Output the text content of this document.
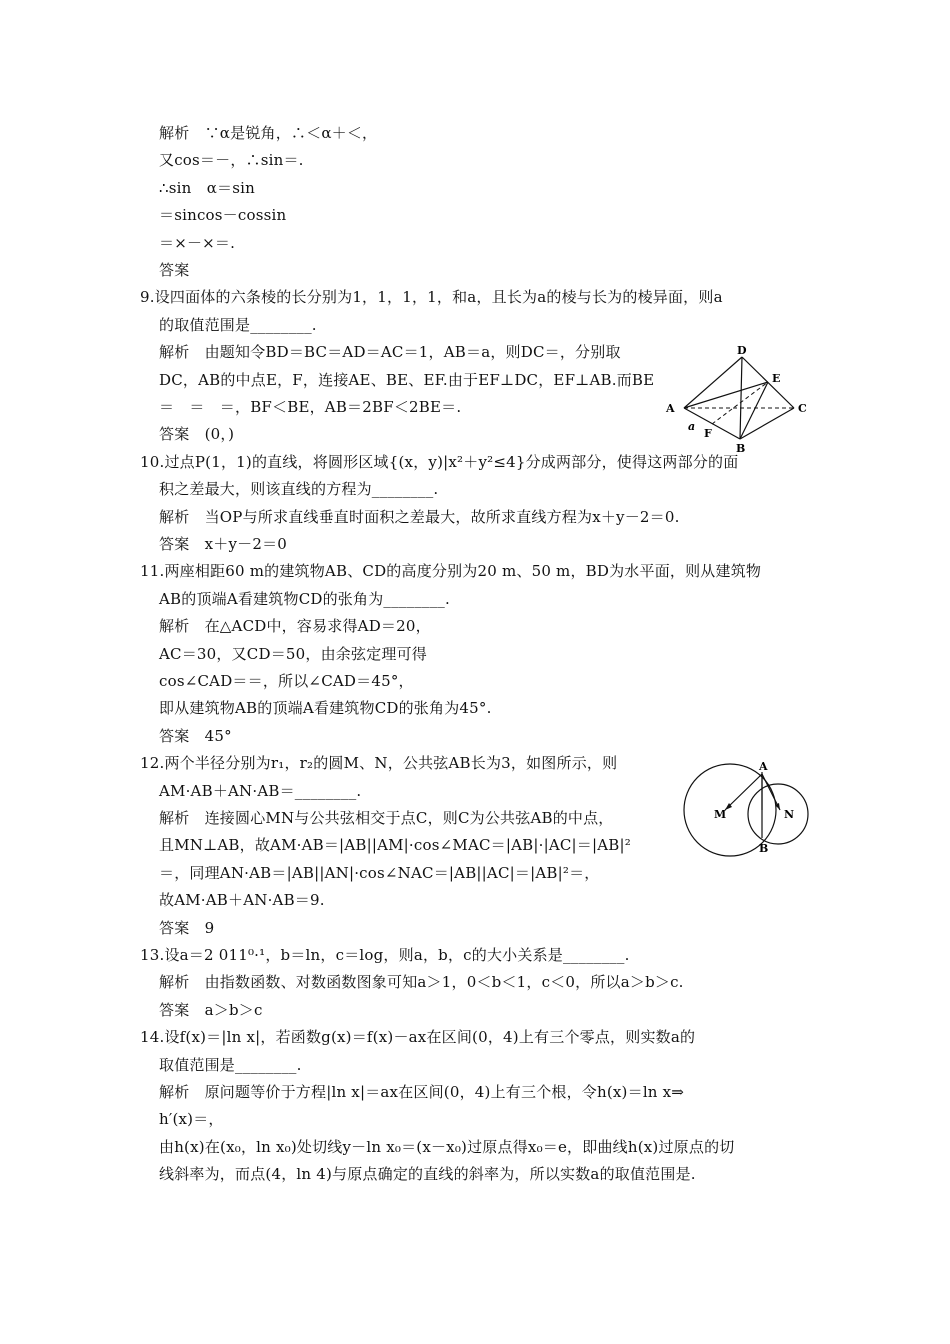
解析　∵α是锐角，∴＜α＋＜，
又cos＝－，∴sin＝.
∴sin　α＝sin
＝sincos－cossin
＝×－×＝.
答案
9.设四面体的六条棱的长分别为1，1，1，1，和a，且长为a的棱与长为的棱异面，则a
的取值范围是________.
解析　由题知令BD＝BC＝AD＝AC＝1，AB＝a，则DC＝，分别取
DC，AB的中点E，F，连接AE、BE、EF.由于EF⊥DC，EF⊥AB.而BE
＝　＝　＝，BF＜BE，AB＝2BF＜2BE＝.
答案　(0，)
10.过点P(1，1)的直线，将圆形区域{(x，y)|x²＋y²≤4}分成两部分，使得这两部分的面
积之差最大，则该直线的方程为________.
解析　当OP与所求直线垂直时面积之差最大，故所求直线方程为x＋y－2＝0.
答案　x＋y－2＝0
11.两座相距60 m的建筑物AB、CD的高度分别为20 m、50 m，BD为水平面，则从建筑物
AB的顶端A看建筑物CD的张角为________.
解析　在△ACD中，容易求得AD＝20，
AC＝30，又CD＝50，由余弦定理可得
cos∠CAD＝＝，所以∠CAD＝45°，
即从建筑物AB的顶端A看建筑物CD的张角为45°.
答案　45°
12.两个半径分别为r₁，r₂的圆M、N，公共弦AB长为3，如图所示，则
AM·AB＋AN·AB＝________.
解析　连接圆心MN与公共弦相交于点C，则C为公共弦AB的中点，
且MN⊥AB，故AM·AB＝|AB||AM|·cos∠MAC＝|AB|·|AC|＝|AB|²
＝，同理AN·AB＝|AB||AN|·cos∠NAC＝|AB||AC|＝|AB|²＝，
故AM·AB＋AN·AB＝9.
答案　9
13.设a＝2 011⁰·¹，b＝ln，c＝log，则a，b，c的大小关系是________.
解析　由指数函数、对数函数图象可知a＞1，0＜b＜1，c＜0，所以a＞b＞c.
答案　a＞b＞c
14.设f(x)＝|ln x|，若函数g(x)＝f(x)－ax在区间(0，4)上有三个零点，则实数a的
取值范围是________.
解析　原问题等价于方程|ln x|＝ax在区间(0，4)上有三个根，令h(x)＝ln x⇒
h′(x)＝，
由h(x)在(x₀，ln x₀)处切线y－ln x₀＝(x－x₀)过原点得x₀＝e，即曲线h(x)过原点的切
线斜率为，而点(4，ln 4)与原点确定的直线的斜率为，所以实数a的取值范围是.
D
E
A	C
a
F
B
A
M	N
B
